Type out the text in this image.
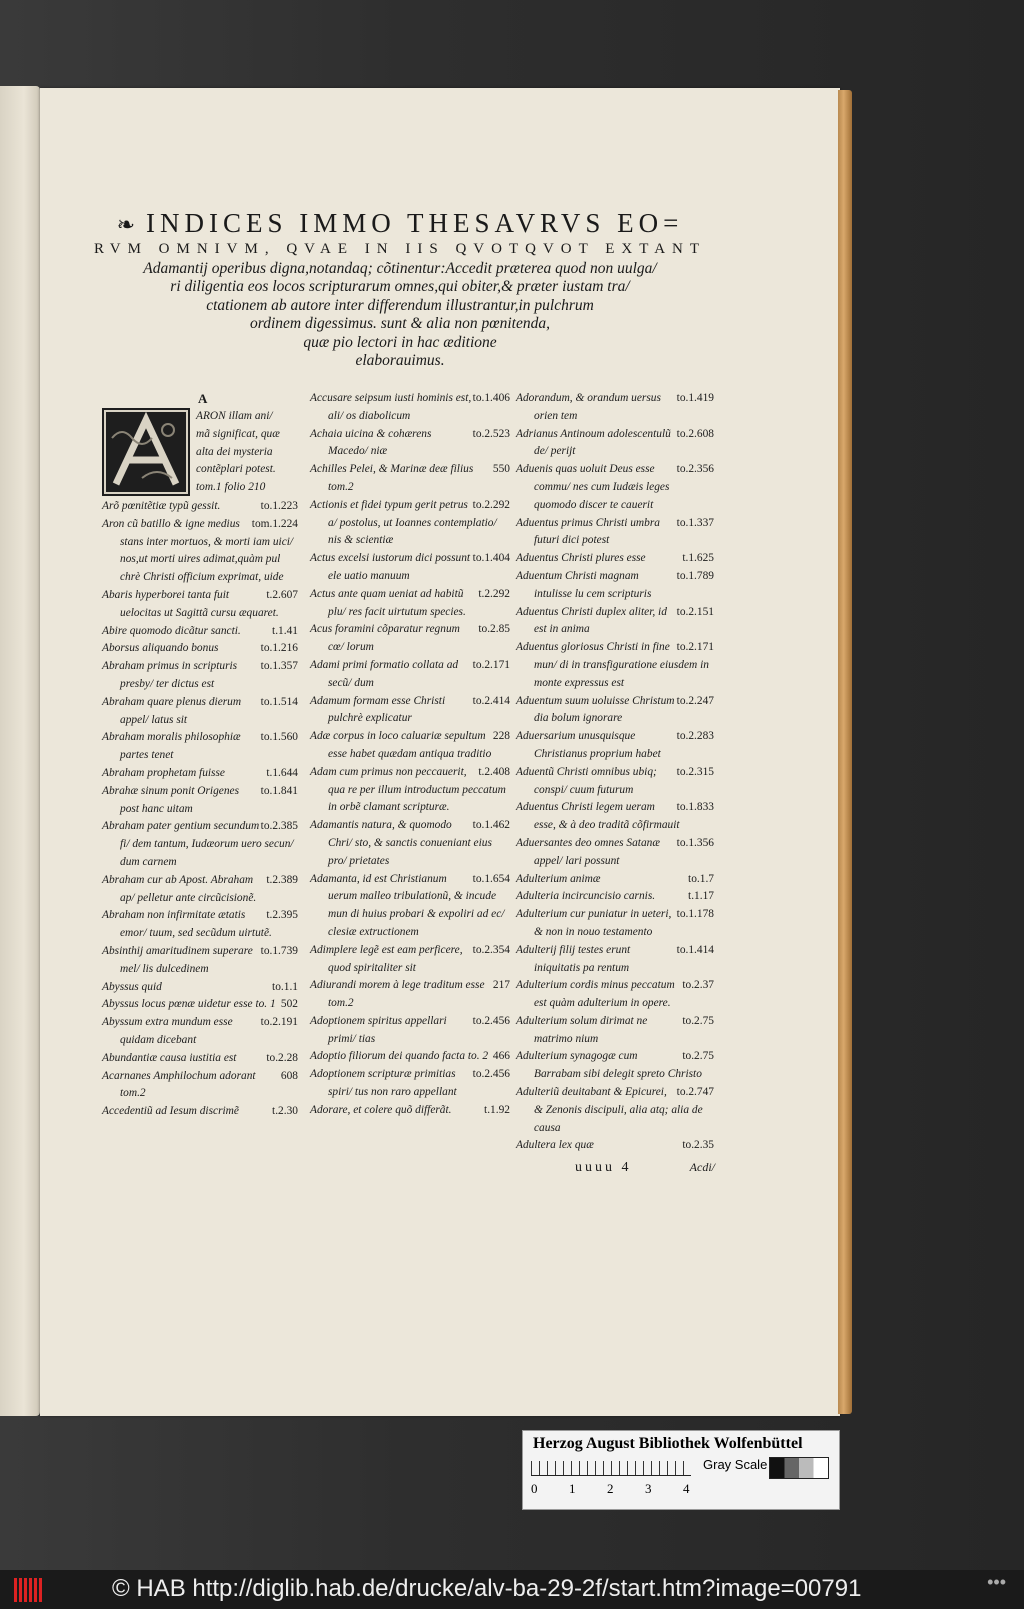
❧ INDICES IMMO THESAVRVS EO=
RVM OMNIVM, QVAE IN IIS QVOTQVOT EXTANT
Adamantij operibus digna,notandaq; cõtinentur:Accedit prӕterea quod non uulga/
ri diligentia eos locos scripturarum omnes,qui obiter,& prӕter iustam tra/
ctationem ab autore inter differendum illustrantur,in pulchrum
ordinem digessimus. sunt & alia non pœnitenda,
quӕ pio lectori in hac ӕditione
elaborauimus.
A
ARON illam ani/
mã significat, quӕ
alta dei mysteria
contẽplari potest.
tom.1 folio 210
to.1.223
Arõ pœnitẽtiӕ typũ gessit.
tom.1.224
Aron cũ batillo & igne medius stans inter mortuos, & morti iam uici/ nos,ut morti uires adimat,quàm pul chrè Christi officium exprimat, uide
t.2.607
Abaris hyperborei tanta fuit uelocitas ut Sagittã cursu ӕquaret.
t.1.41
Abire quomodo dicãtur sancti.
to.1.216
Aborsus aliquando bonus
to.1.357
Abraham primus in scripturis presby/ ter dictus est
to.1.514
Abraham quare plenus dierum appel/ latus sit
to.1.560
Abraham moralis philosophiӕ partes tenet
t.1.644
Abraham prophetam fuisse
to.1.841
Abrahӕ sinum ponit Origenes post hanc uitam
to.2.385
Abraham pater gentium secundum fi/ dem tantum, Iudӕorum uero secun/ dum carnem
t.2.389
Abraham cur ab Apost. Abraham ap/ pelletur ante circũcisionẽ.
t.2.395
Abraham non infirmitate ӕtatis emor/ tuum, sed secũdum uirtutẽ.
to.1.739
Absinthij amaritudinem superare mel/ lis dulcedinem
to.1.1
Abyssus quid
502
Abyssus locus pœnӕ uidetur esse to. 1
to.2.191
Abyssum extra mundum esse quidam dicebant
to.2.28
Abundantiӕ causa iustitia est
608
Acarnanes Amphilochum adorant tom.2
t.2.30
Accedentiũ ad Iesum discrimẽ
to.1.406
Accusare seipsum iusti hominis est, ali/ os diabolicum
to.2.523
Achaia uicina & cohӕrens Macedo/ niӕ
550
Achilles Pelei, & Marinӕ deӕ filius tom.2
to.2.292
Actionis et fidei typum gerit petrus a/ postolus, ut Ioannes contemplatio/ nis & scientiӕ
to.1.404
Actus excelsi iustorum dici possunt ele uatio manuum
t.2.292
Actus ante quam ueniat ad habitũ plu/ res facit uirtutum species.
to.2.85
Acus foramini cõparatur regnum cœ/ lorum
to.2.171
Adami primi formatio collata ad secũ/ dum
to.2.414
Adamum formam esse Christi pulchrè explicatur
228
Adӕ corpus in loco caluariӕ sepultum esse habet quӕdam antiqua traditio
t.2.408
Adam cum primus non peccauerit, qua re per illum introductum peccatum in orbẽ clamant scripturӕ.
to.1.462
Adamantis natura, & quomodo Chri/ sto, & sanctis conueniant eius pro/ prietates
to.1.654
Adamanta, id est Christianum uerum malleo tribulationũ, & incude mun di huius probari & expoliri ad ec/ clesiӕ extructionem
to.2.354
Adimplere legẽ est eam perficere, quod spiritaliter sit
217
Adiurandi morem à lege traditum esse tom.2
to.2.456
Adoptionem spiritus appellari primi/ tias
466
Adoptio filiorum dei quando facta to. 2
to.2.456
Adoptionem scripturӕ primitias spiri/ tus non raro appellant
t.1.92
Adorare, et colere quõ differãt.
to.1.419
Adorandum, & orandum uersus orien tem
to.2.608
Adrianus Antinoum adolescentulũ de/ perijt
to.2.356
Aduenis quas uoluit Deus esse commu/ nes cum Iudӕis leges quomodo discer te cauerit
to.1.337
Aduentus primus Christi umbra futuri dici potest
t.1.625
Aduentus Christi plures esse
to.1.789
Aduentum Christi magnam intulisse lu cem scripturis
to.2.151
Aduentus Christi duplex aliter, id est in anima
to.2.171
Aduentus gloriosus Christi in fine mun/ di in transfiguratione eiusdem in monte expressus est
to.2.247
Aduentum suum uoluisse Christum dia bolum ignorare
to.2.283
Aduersarium unusquisque Christianus proprium habet
to.2.315
Aduentũ Christi omnibus ubiq; conspi/ cuum futurum
to.1.833
Aduentus Christi legem ueram esse, & à deo traditã cõfirmauit
to.1.356
Aduersantes deo omnes Satanӕ appel/ lari possunt
to.1.7
Adulterium animӕ
t.1.17
Adulteria incircuncisio carnis.
to.1.178
Adulterium cur puniatur in ueteri, & non in nouo testamento
to.1.414
Adulterij filij testes erunt iniquitatis pa rentum
to.2.37
Adulterium cordis minus peccatum est quàm adulterium in opere.
to.2.75
Adulterium solum dirimat ne matrimo nium
to.2.75
Adulterium synagogӕ cum Barrabam sibi delegit spreto Christo
to.2.747
Adulteriũ deuitabant & Epicurei, & Zenonis discipuli, alia atq; alia de causa
to.2.35
Adultera lex quӕ
uuuu 4	Acdi/
Herzog August Bibliothek Wolfenbüttel
0 1 2 3 4
Gray Scale
© HAB http://diglib.hab.de/drucke/alv-ba-29-2f/start.htm?image=00791	•••
